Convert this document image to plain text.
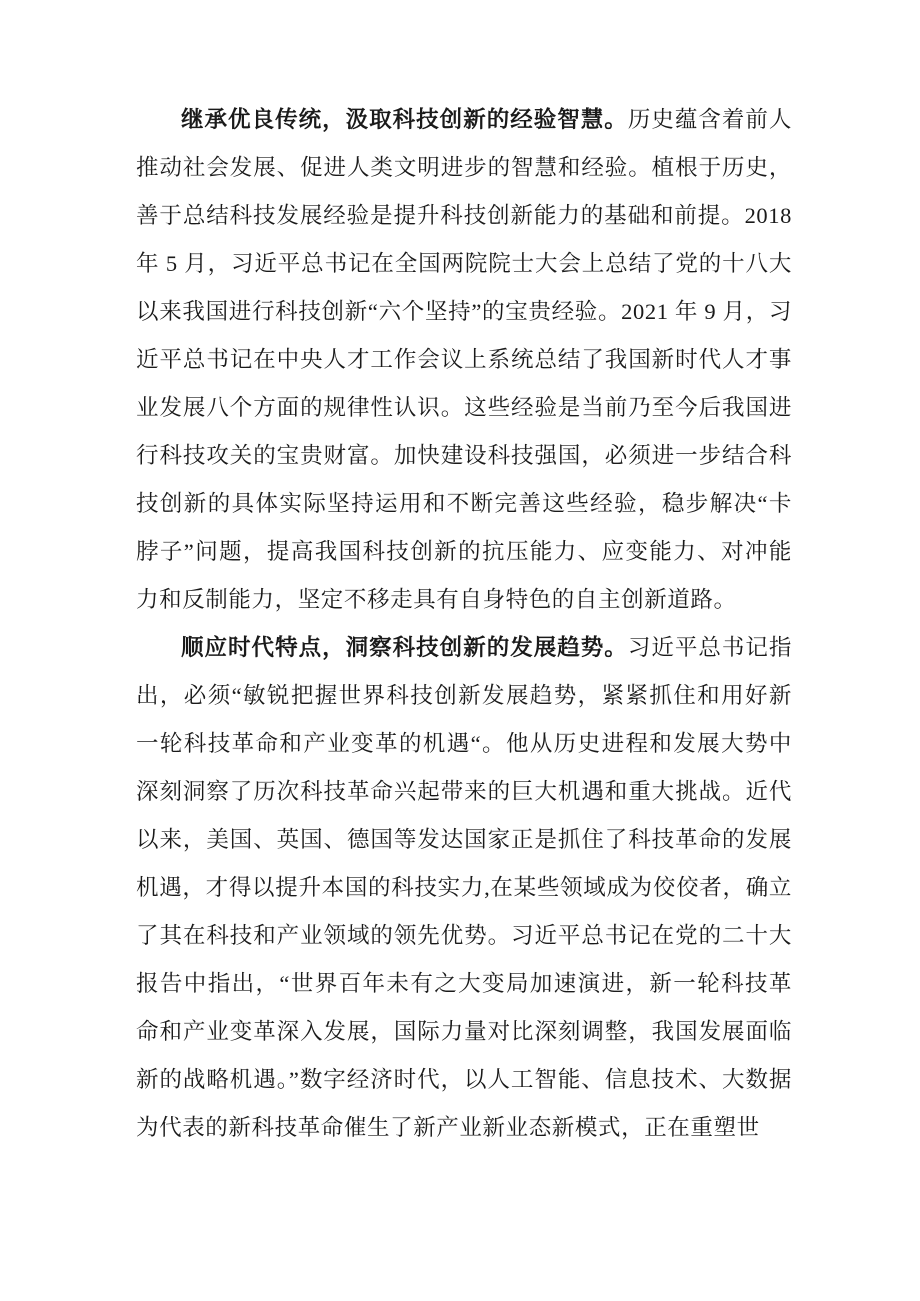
继承优良传统，汲取科技创新的经验智慧。历史蕴含着前人推动社会发展、促进人类文明进步的智慧和经验。植根于历史，善于总结科技发展经验是提升科技创新能力的基础和前提。2018 年 5 月，习近平总书记在全国两院院士大会上总结了党的十八大以来我国进行科技创新“六个坚持”的宝贵经验。2021 年 9 月，习近平总书记在中央人才工作会议上系统总结了我国新时代人才事业发展八个方面的规律性认识。这些经验是当前乃至今后我国进行科技攻关的宝贵财富。加快建设科技强国，必须进一步结合科技创新的具体实际坚持运用和不断完善这些经验，稳步解决“卡脖子”问题，提高我国科技创新的抗压能力、应变能力、对冲能力和反制能力，坚定不移走具有自身特色的自主创新道路。

顺应时代特点，洞察科技创新的发展趋势。习近平总书记指出，必须“敏锐把握世界科技创新发展趋势，紧紧抓住和用好新一轮科技革命和产业变革的机遇“。他从历史进程和发展大势中深刻洞察了历次科技革命兴起带来的巨大机遇和重大挑战。近代以来，美国、英国、德国等发达国家正是抓住了科技革命的发展机遇，才得以提升本国的科技实力,在某些领域成为佼佼者，确立了其在科技和产业领域的领先优势。习近平总书记在党的二十大报告中指出，“世界百年未有之大变局加速演进，新一轮科技革命和产业变革深入发展，国际力量对比深刻调整，我国发展面临新的战略机遇。”数字经济时代，以人工智能、信息技术、大数据为代表的新科技革命催生了新产业新业态新模式，正在重塑世
